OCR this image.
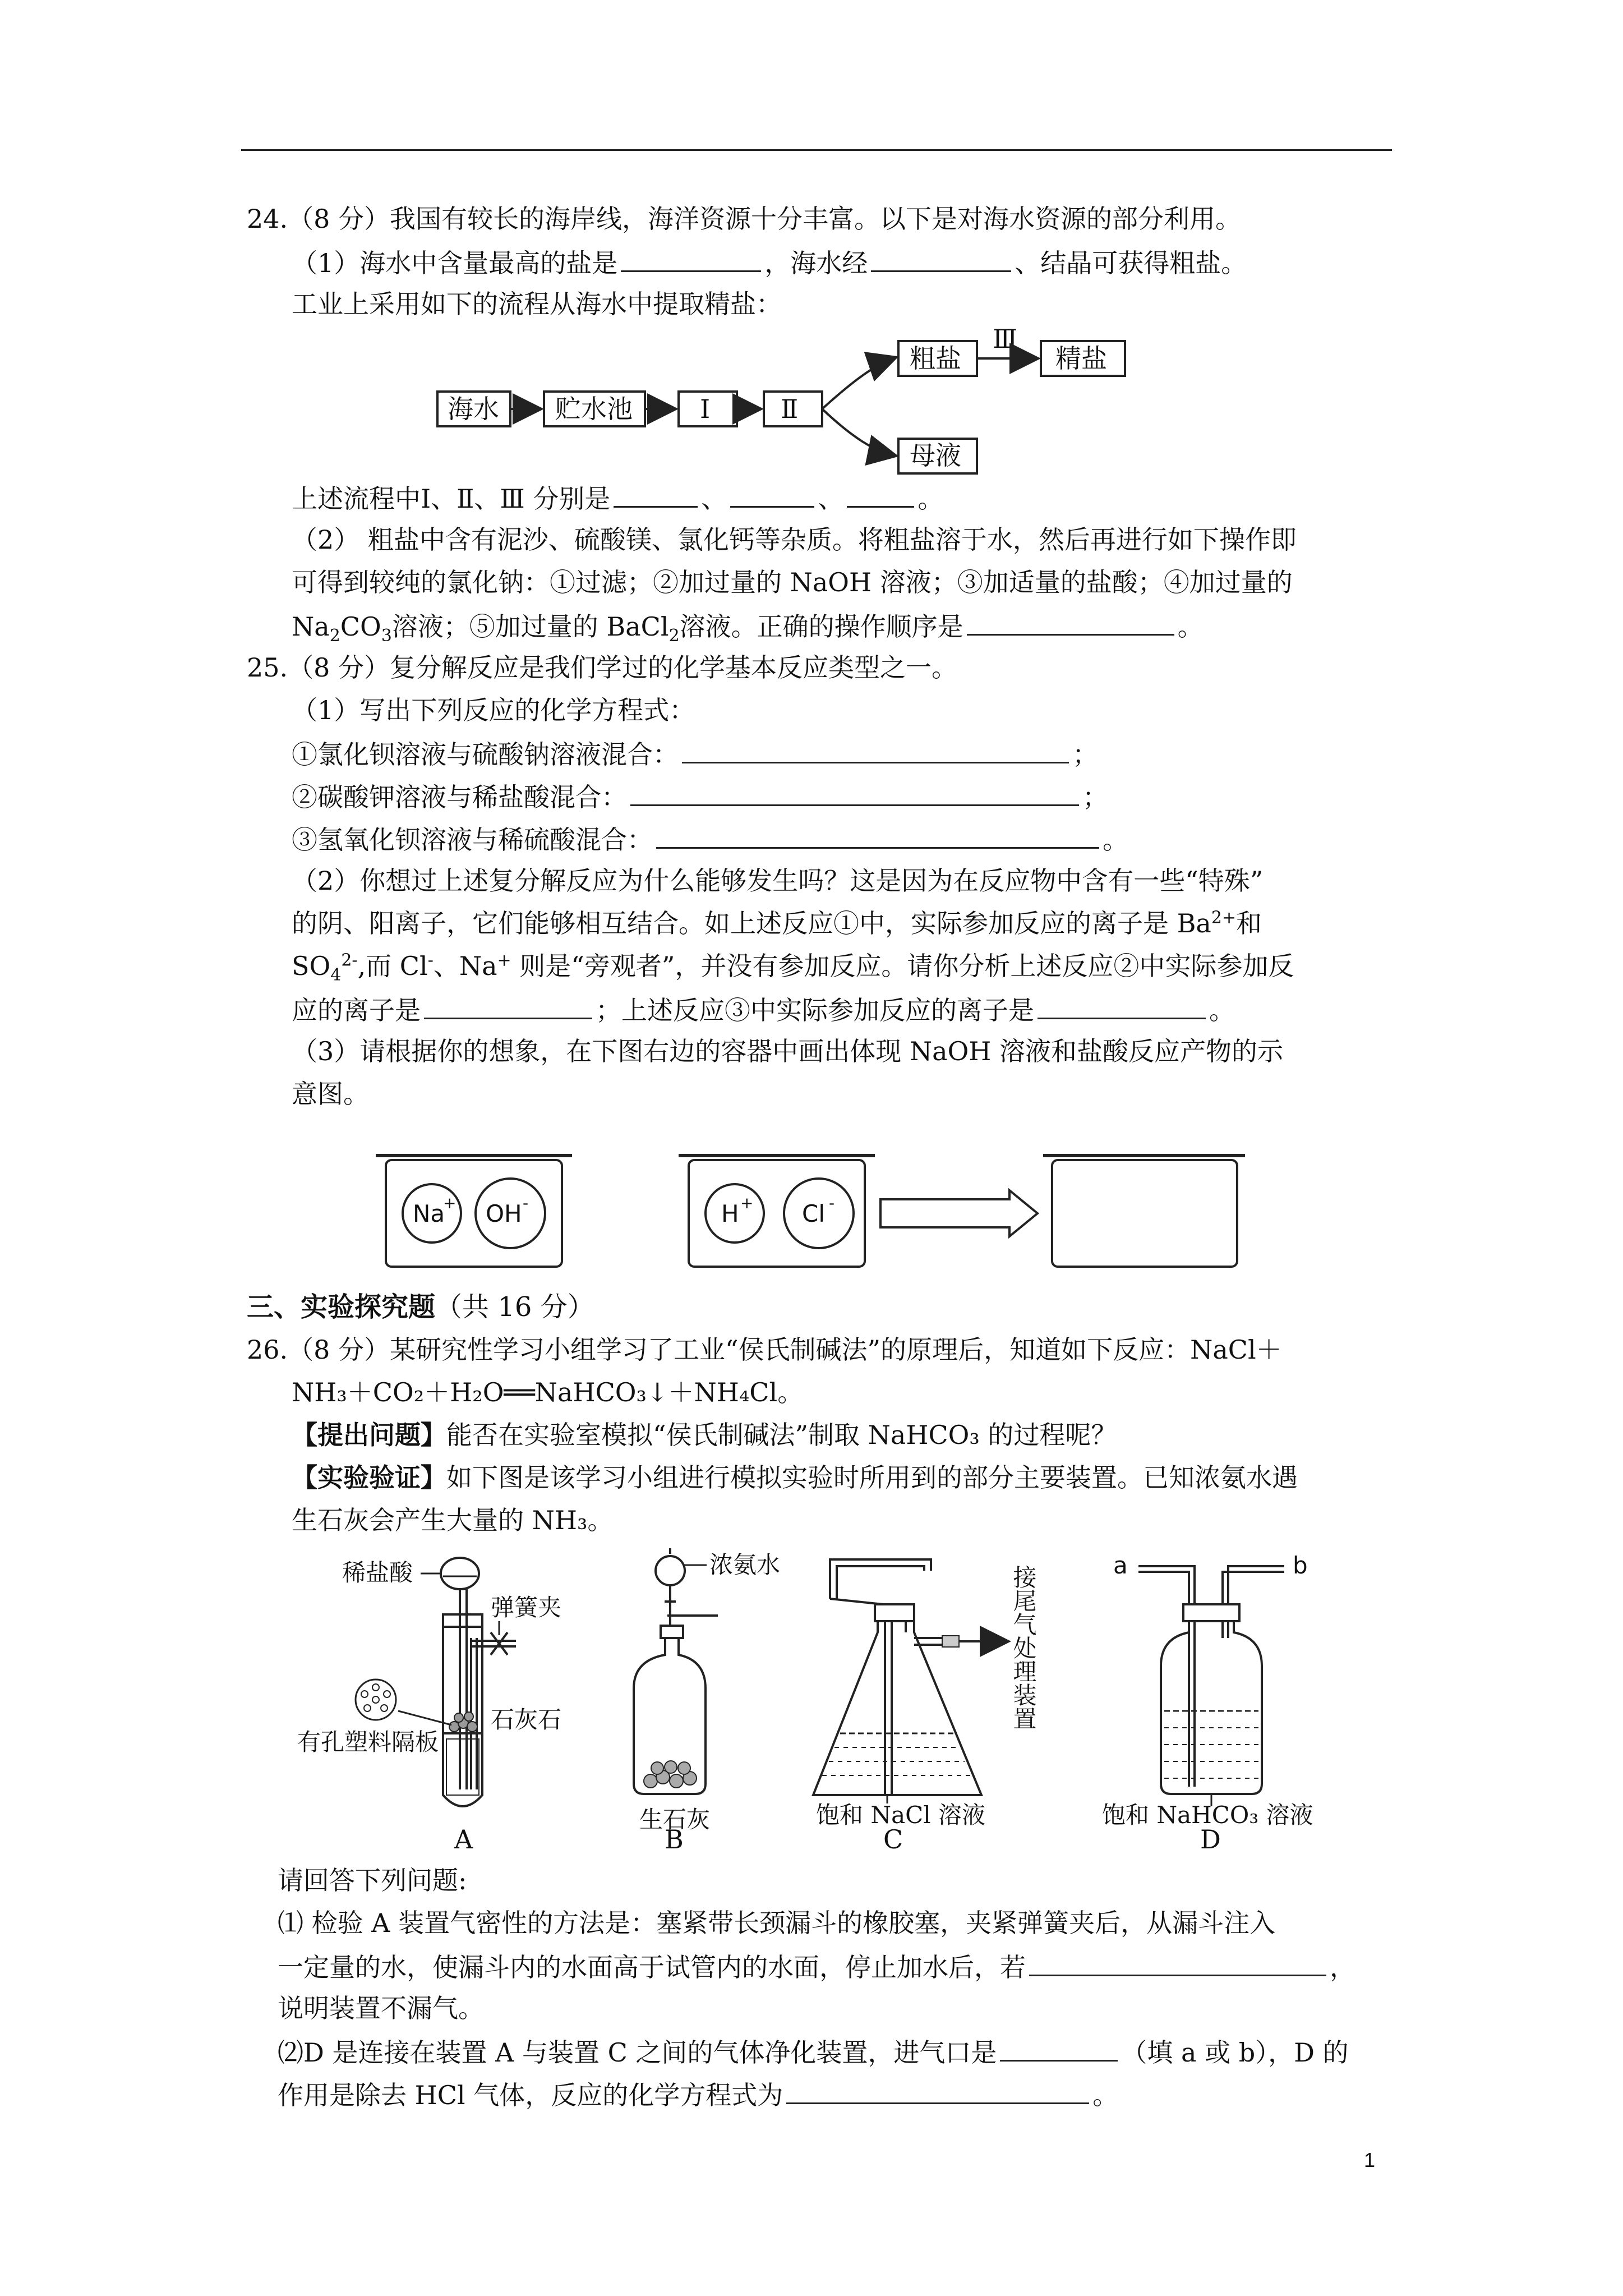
24.（8 分）我国有较长的海岸线，海洋资源十分丰富。以下是对海水资源的部分利用。
（1）海水中含量最高的盐是	，海水经	、结晶可获得粗盐。
工业上采用如下的流程从海水中提取精盐：
海水 贮水池	Ⅰ	Ⅱ
粗盐
Ⅲ
精盐
母液
上述流程中Ⅰ、Ⅱ、Ⅲ 分别是	、	、	。
（2） 粗盐中含有泥沙、硫酸镁、氯化钙等杂质。将粗盐溶于水，然后再进行如下操作即
可得到较纯的氯化钠：①过滤；②加过量的 NaOH 溶液；③加适量的盐酸；④加过量的
$Na_2CO_3$溶液；⑤加过量的 BaCl$_2$溶液。正确的操作顺序是	。
25.（8 分）复分解反应是我们学过的化学基本反应类型之一。
（1）写出下列反应的化学方程式：
①氯化钡溶液与硫酸钠溶液混合：	；
②碳酸钾溶液与稀盐酸混合：	；
③氢氧化钡溶液与稀硫酸混合：	。
（2）你想过上述复分解反应为什么能够发生吗？这是因为在反应物中含有一些“特殊”
的阴、阳离子，它们能够相互结合。如上述反应①中，实际参加反应的离子是 $Ba^{2+}$和
$SO_4^{2-}$,而 Cl-、Na+ 则是“旁观者”，并没有参加反应。请你分析上述反应②中实际参加反
应的离子是	；上述反应③中实际参加反应的离子是	。
（3）请根据你的想象，在下图右边的容器中画出体现 NaOH 溶液和盐酸反应产物的示
意图。
Na
+ OH -	H + Cl -
三、实验探究题（共 16 分）
26.（8 分）某研究性学习小组学习了工业“侯氏制碱法”的原理后，知道如下反应：NaCl＋
NH₃＋CO₂＋H₂O══NaHCO₃↓＋NH₄Cl。
【提出问题】能否在实验室模拟“侯氏制碱法”制取 NaHCO₃ 的过程呢？
【实验验证】如下图是该学习小组进行模拟实验时所用到的部分主要装置。已知浓氨水遇
生石灰会产生大量的 NH₃。
稀盐酸
弹簧夹
石灰石
有孔塑料隔板
A
浓氨水
生石灰
B
接尾气处理装置
饱和 NaCl 溶液
C
a	b
饱和 NaHCO₃ 溶液
D
请回答下列问题:
⑴ 检验 A 装置气密性的方法是：塞紧带长颈漏斗的橡胶塞，夹紧弹簧夹后，从漏斗注入
一定量的水，使漏斗内的水面高于试管内的水面，停止加水后，若	，
说明装置不漏气。
⑵D 是连接在装置 A 与装置 C 之间的气体净化装置，进气口是	（填 a 或 b），D 的
作用是除去 HCl 气体，反应的化学方程式为	。
1
